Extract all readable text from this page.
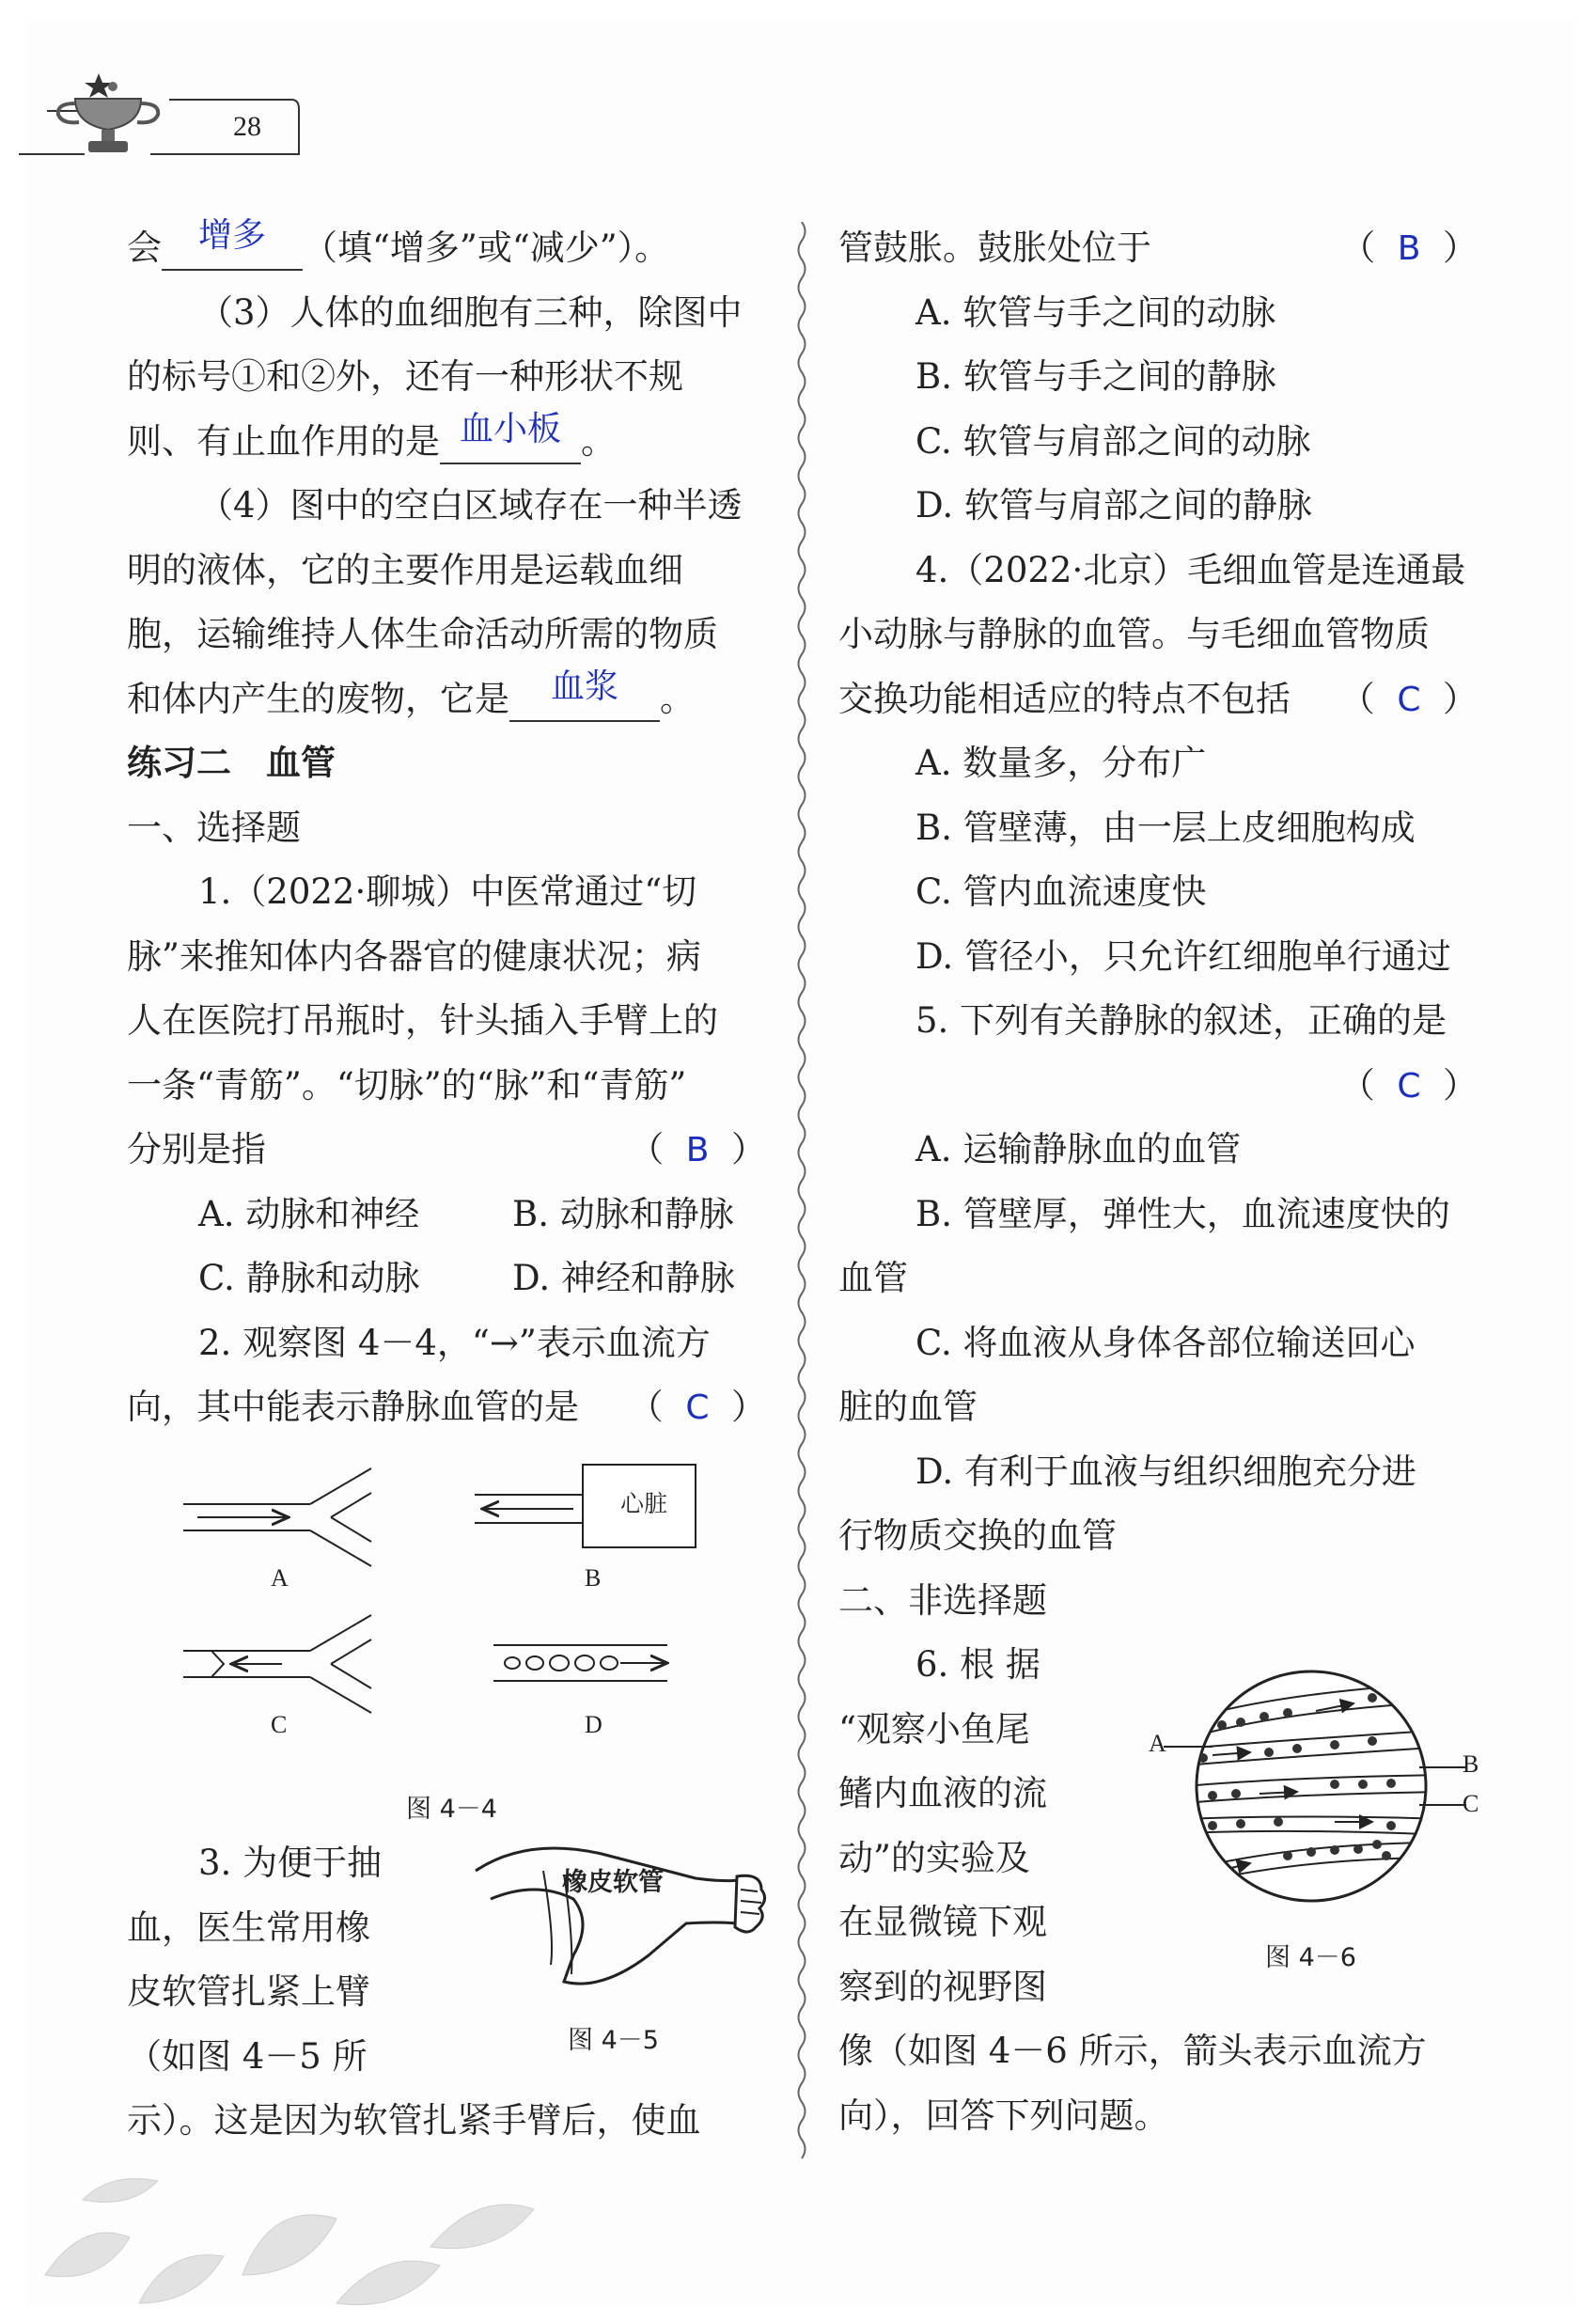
28

会 增多 （填“增多”或“减少”）。

（3）人体的血细胞有三种，除图中

的标号①和②外，还有一种形状不规

则、有止血作用的是 血小板 。

（4）图中的空白区域存在一种半透

明的液体，它的主要作用是运载血细

胞，运输维持人体生命活动所需的物质

和体内产生的废物，它是 血浆 。

练习二　血管

一、选择题

1.（2022·聊城）中医常通过“切

脉”来推知体内各器官的健康状况；病

人在医院打吊瓶时，针头插入手臂上的

一条“青筋”。“切脉”的“脉”和“青筋”

分别是指	（  B  ）

A. 动脉和神经	B. 动脉和静脉

C. 静脉和动脉	D. 神经和静脉

2. 观察图 4－4，“→”表示血流方

向，其中能表示静脉血管的是 （  C  ）

A	B
C	D
心脏
图 4－4

3. 为便于抽

血，医生常用橡

皮软管扎紧上臂

（如图 4－5 所

示）。这是因为软管扎紧手臂后，使血

橡皮软管
图 4－5

管鼓胀。鼓胀处位于	（  B  ）

A. 软管与手之间的动脉

B. 软管与手之间的静脉

C. 软管与肩部之间的动脉

D. 软管与肩部之间的静脉

4.（2022·北京）毛细血管是连通最

小动脉与静脉的血管。与毛细血管物质

交换功能相适应的特点不包括 （  C  ）

A. 数量多，分布广

B. 管壁薄，由一层上皮细胞构成

C. 管内血流速度快

D. 管径小，只允许红细胞单行通过

5. 下列有关静脉的叙述，正确的是

（  C  ）

A. 运输静脉血的血管

B. 管壁厚，弹性大，血流速度快的

血管

C. 将血液从身体各部位输送回心

脏的血管

D. 有利于血液与组织细胞充分进

行物质交换的血管

二、非选择题

6. 根 据

“观察小鱼尾

鳍内血液的流

动”的实验及

在显微镜下观

察到的视野图

像（如图 4－6 所示，箭头表示血流方

向），回答下列问题。

A
B
C
图 4－6
